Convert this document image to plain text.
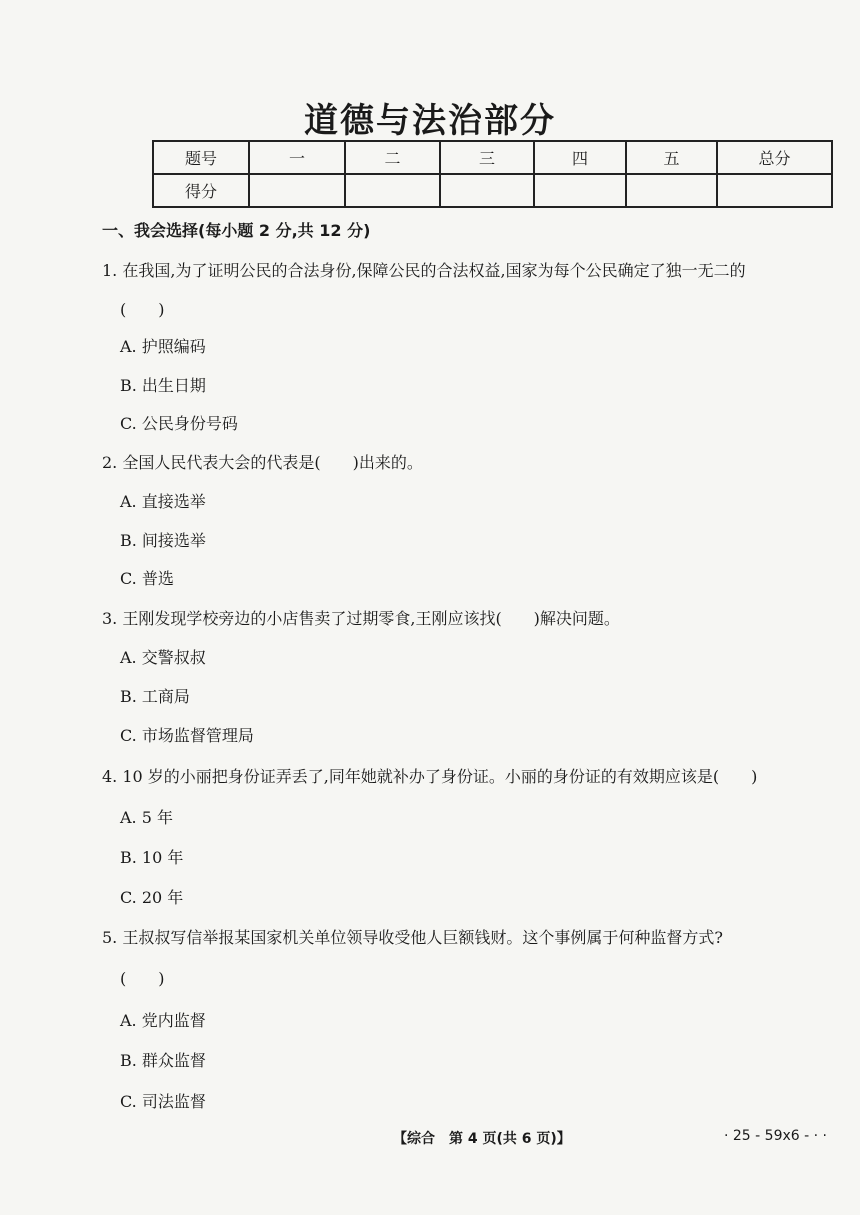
道德与法治部分
题号	一	二	三	四	五	总分
得分						
一、我会选择(每小题 2 分,共 12 分)
1. 在我国,为了证明公民的合法身份,保障公民的合法权益,国家为每个公民确定了独一无二的
(　　)
A. 护照编码
B. 出生日期
C. 公民身份号码
2. 全国人民代表大会的代表是(　　)出来的。
A. 直接选举
B. 间接选举
C. 普选
3. 王刚发现学校旁边的小店售卖了过期零食,王刚应该找(　　)解决问题。
A. 交警叔叔
B. 工商局
C. 市场监督管理局
4. 10 岁的小丽把身份证弄丢了,同年她就补办了身份证。小丽的身份证的有效期应该是(　　)
A. 5 年
B. 10 年
C. 20 年
5. 王叔叔写信举报某国家机关单位领导收受他人巨额钱财。这个事例属于何种监督方式?
(　　)
A. 党内监督
B. 群众监督
C. 司法监督
【综合　第 4 页(共 6 页)】	· 25 - 59x6 - · ·
